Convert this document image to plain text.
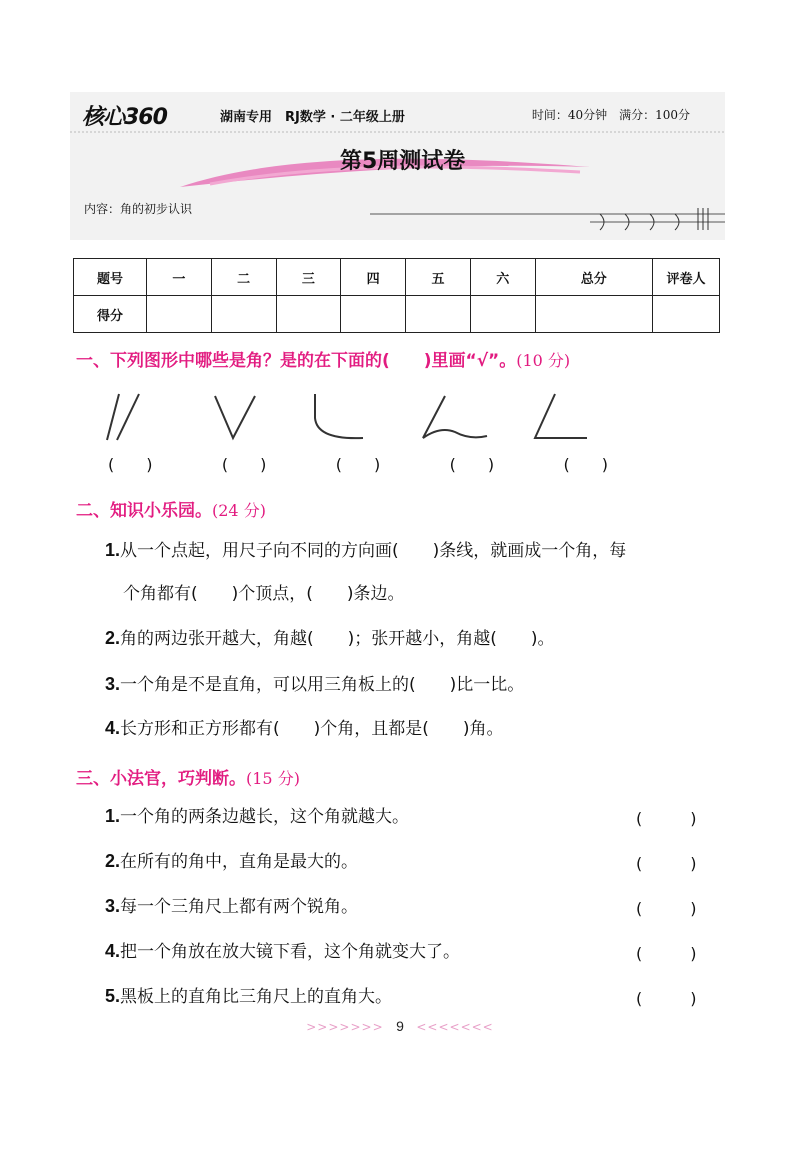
核心360	湖南专用　RJ数学 · 二年级上册	时间：40分钟　满分：100分
第5周测试卷
内容：角的初步认识
题号	一	二	三	四	五	六	总分	评卷人
得分								
一、下列图形中哪些是角？是的在下面的(　　)里画“√”。(10 分)
(　　)	(　　)	(　　)	(　　)	(　　)
二、知识小乐园。(24 分)
1.从一个点起，用尺子向不同的方向画(　　)条线，就画成一个角，每
个角都有(　　)个顶点，(　　)条边。
2.角的两边张开越大，角越(　　)；张开越小，角越(　　)。
3.一个角是不是直角，可以用三角板上的(　　)比一比。
4.长方形和正方形都有(　　)个角，且都是(　　)角。
三、小法官，巧判断。(15 分)
1.一个角的两条边越长，这个角就越大。	(　　　)
2.在所有的角中，直角是最大的。	(　　　)
3.每一个三角尺上都有两个锐角。	(　　　)
4.把一个角放在放大镜下看，这个角就变大了。	(　　　)
5.黑板上的直角比三角尺上的直角大。	(　　　)
>>>>>>> 9 <<<<<<<
